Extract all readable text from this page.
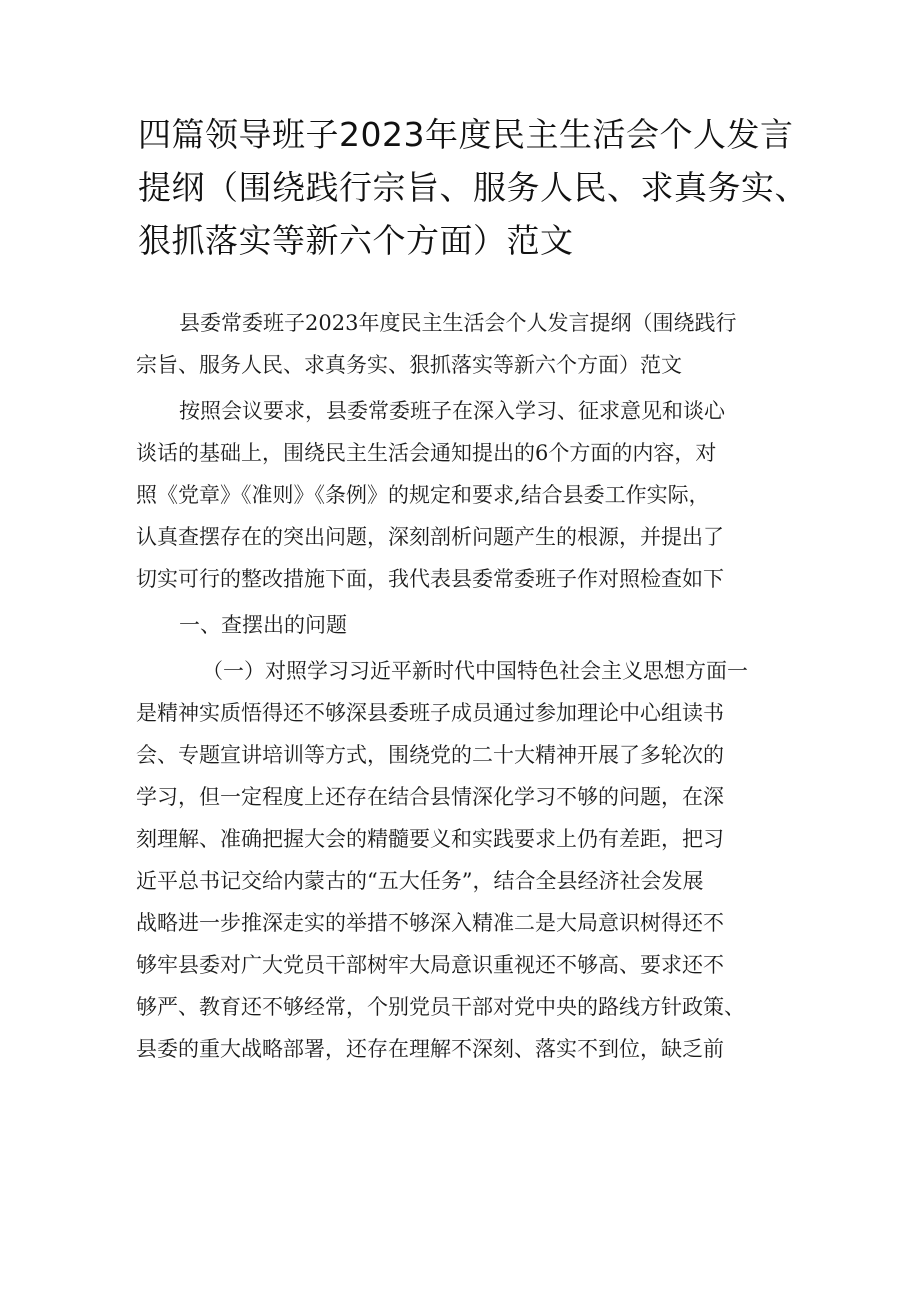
四篇领导班子2023年度民主生活会个人发言
提纲（围绕践行宗旨、服务人民、求真务实、
狠抓落实等新六个方面）范文
县委常委班子2023年度民主生活会个人发言提纲（围绕践行
宗旨、服务人民、求真务实、狠抓落实等新六个方面）范文
按照会议要求，县委常委班子在深入学习、征求意见和谈心
谈话的基础上，围绕民主生活会通知提出的6个方面的内容，对
照《党章》《准则》《条例》的规定和要求,结合县委工作实际，
认真查摆存在的突出问题，深刻剖析问题产生的根源，并提出了
切实可行的整改措施下面，我代表县委常委班子作对照检查如下
一、查摆出的问题
（一）对照学习习近平新时代中国特色社会主义思想方面一
是精神实质悟得还不够深县委班子成员通过参加理论中心组读书
会、专题宣讲培训等方式，围绕党的二十大精神开展了多轮次的
学习，但一定程度上还存在结合县情深化学习不够的问题，在深
刻理解、准确把握大会的精髓要义和实践要求上仍有差距，把习
近平总书记交给内蒙古的“五大任务”，结合全县经济社会发展
战略进一步推深走实的举措不够深入精准二是大局意识树得还不
够牢县委对广大党员干部树牢大局意识重视还不够高、要求还不
够严、教育还不够经常，个别党员干部对党中央的路线方针政策、
县委的重大战略部署，还存在理解不深刻、落实不到位，缺乏前
